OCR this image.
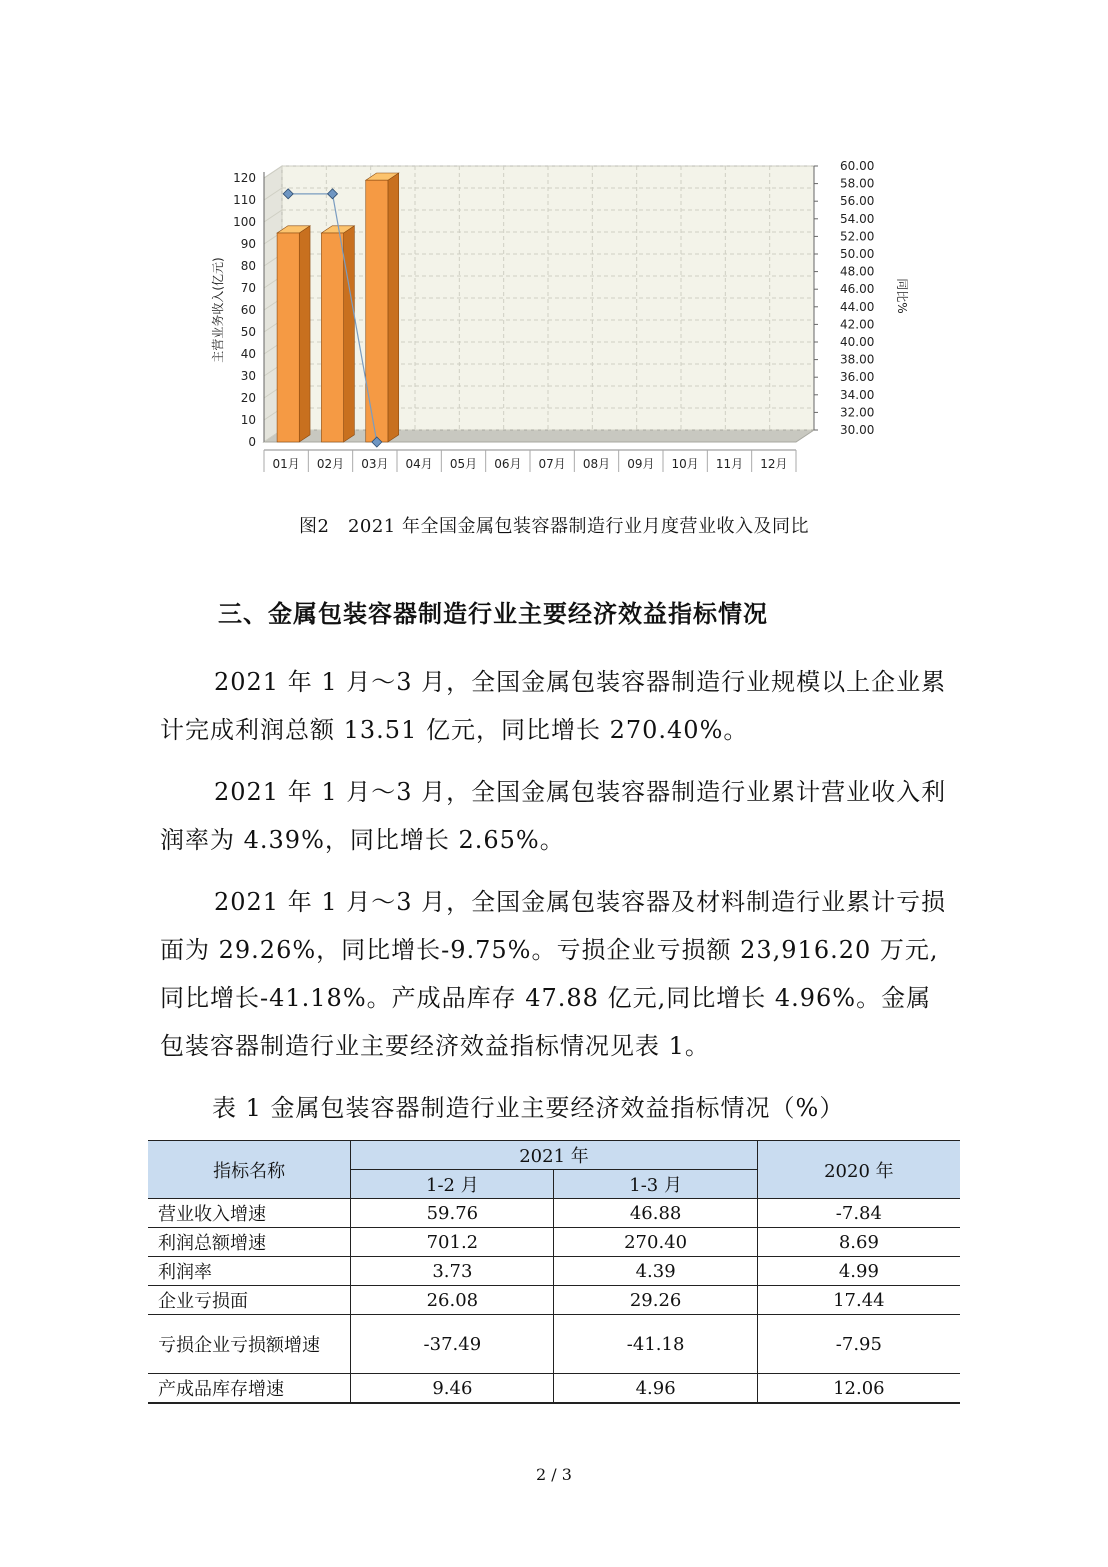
0
10
20
30
40
50
60
70
80
90
100
110
120
30.00
32.00
34.00
36.00
38.00
40.00
42.00
44.00
46.00
48.00
50.00
52.00
54.00
56.00
58.00
60.00
01月 02月 03月 04月 05月 06月 07月 08月 09月 10月 11月 12月
主营业务收入(亿元)	同比%
图2　2021 年全国金属包装容器制造行业月度营业收入及同比
三、金属包装容器制造行业主要经济效益指标情况

2021 年 1 月～3 月，全国金属包装容器制造行业规模以上企业累计完成利润总额 13.51 亿元，同比增长 270.40%。

2021 年 1 月～3 月，全国金属包装容器制造行业累计营业收入利润率为 4.39%，同比增长 2.65%。

2021 年 1 月～3 月，全国金属包装容器及材料制造行业累计亏损面为 29.26%，同比增长-9.75%。亏损企业亏损额 23,916.20 万元,同比增长-41.18%。产成品库存 47.88 亿元,同比增长 4.96%。金属包装容器制造行业主要经济效益指标情况见表 1。

表 1 金属包装容器制造行业主要经济效益指标情况（%）
指标名称	2021 年		2020 年
	1-2 月	1-3 月	
营业收入增速	59.76	46.88	-7.84
利润总额增速	701.2	270.40	8.69
利润率	3.73	4.39	4.99
企业亏损面	26.08	29.26	17.44
亏损企业亏损额增速	-37.49	-41.18	-7.95
产成品库存增速	9.46	4.96	12.06
2 / 3
